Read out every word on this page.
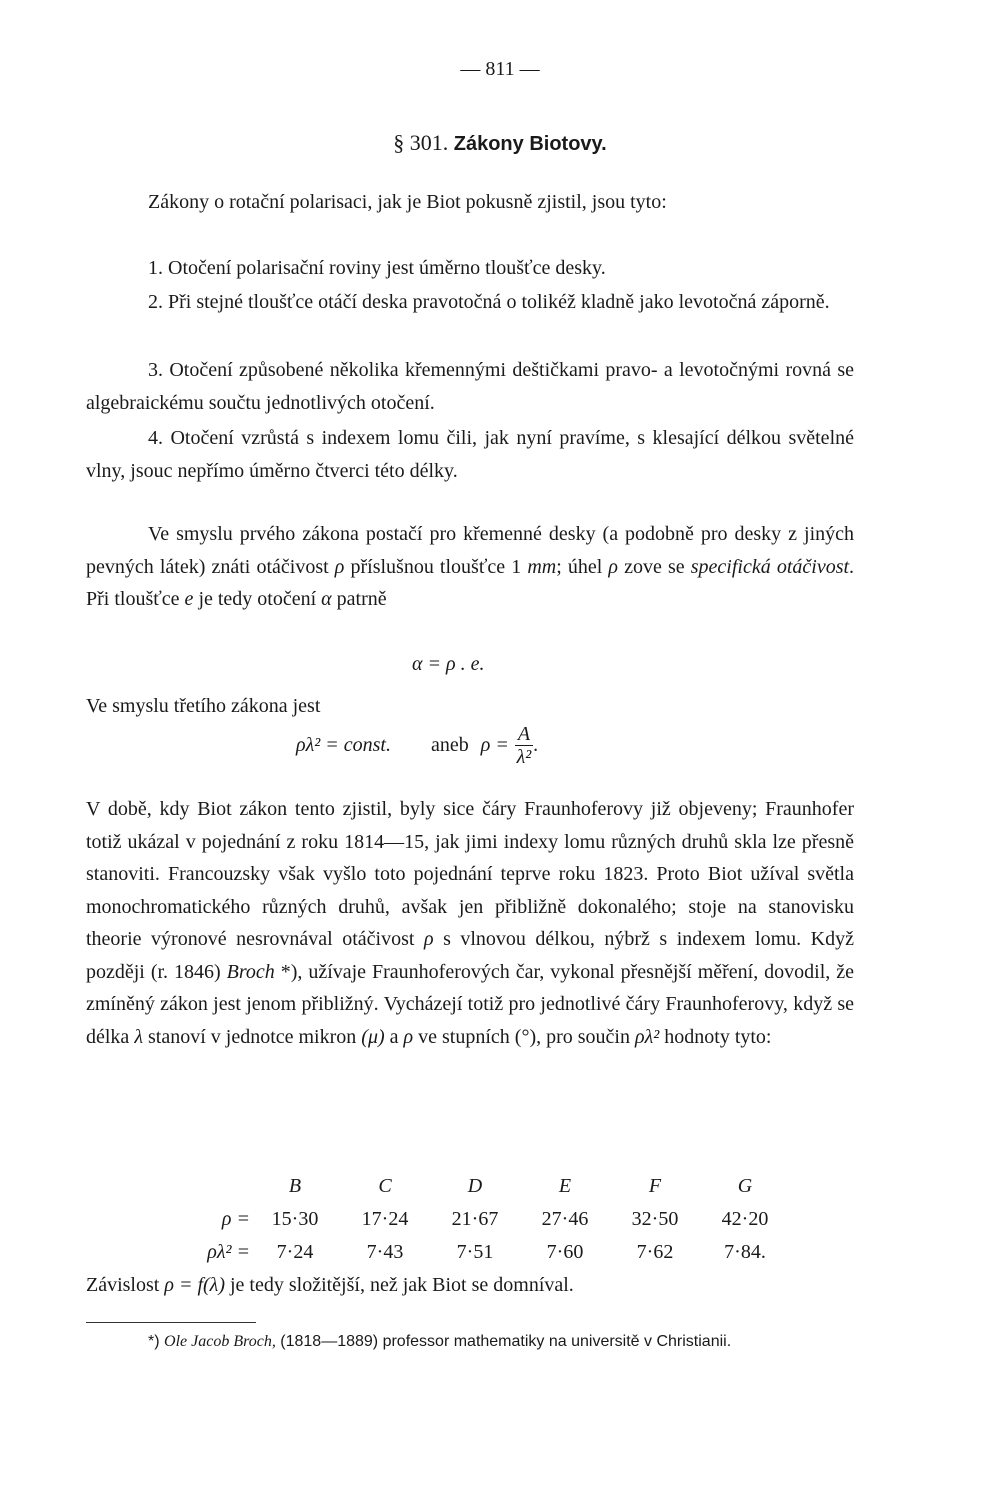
— 811 —
§ 301. Zákony Biotovy.
Zákony o rotační polarisaci, jak je Biot pokusně zjistil, jsou tyto:
1. Otočení polarisační roviny jest úměrno tloušťce desky.
2. Při stejné tloušťce otáčí deska pravotočná o tolikéž kladně jako levotočná záporně.
3. Otočení způsobené několika křemennými deštičkami pravo- a levotočnými rovná se algebraickému součtu jednotlivých otočení.
4. Otočení vzrůstá s indexem lomu čili, jak nyní pravíme, s klesající délkou světelné vlny, jsouc nepřímo úměrno čtverci této délky.
Ve smyslu prvého zákona postačí pro křemenné desky (a podobně pro desky z jiných pevných látek) znáti otáčivost ρ příslušnou tloušťce 1 mm; úhel ρ zove se specifická otáčivost. Při tloušťce e je tedy otočení α patrně
α = ρ . e.
Ve smyslu třetího zákona jest
ρλ² = const. aneb $\rho = \frac{A}{\text{λ²}}$ .
V době, kdy Biot zákon tento zjistil, byly sice čáry Fraunhoferovy již objeveny; Fraunhofer totiž ukázal v pojednání z roku 1814—15, jak jimi indexy lomu různých druhů skla lze přesně stanoviti. Francouzsky však vyšlo toto pojednání teprve roku 1823. Proto Biot užíval světla monochromatického různých druhů, avšak jen přibližně dokonalého; stoje na stanovisku theorie výronové nesrovnával otáčivost ρ s vlnovou délkou, nýbrž s indexem lomu. Když později (r. 1846) Broch *), užívaje Fraunhoferových čar, vykonal přesnější měření, dovodil, že zmíněný zákon jest jenom přibližný. Vycházejí totiž pro jednotlivé čáry Fraunhoferovy, když se délka λ stanoví v jednotce mikron (μ) a ρ ve stupních (°), pro součin ρλ² hodnoty tyto:
	B	C	D	E	F	G
ρ =	15·30	17·24	21·67	27·46	32·50	42·20
ρλ² =	7·24	7·43	7·51	7·60	7·62	7·84.
Závislost ρ = f(λ) je tedy složitější, než jak Biot se domníval.
*) Ole Jacob Broch, (1818—1889) professor mathematiky na universitě v Christianii.
